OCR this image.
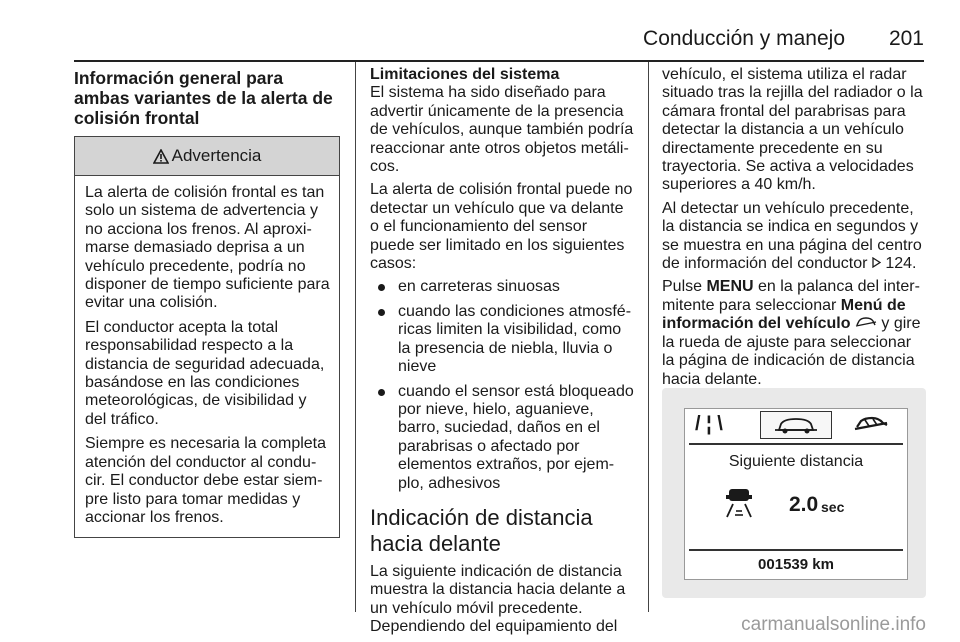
Conducción y manejo 201
Información general para ambas variantes de la alerta de colisión frontal
Advertencia

La alerta de colisión frontal es tan solo un sistema de advertencia y no acciona los frenos. Al aproxi-marse demasiado deprisa a un vehículo precedente, podría no disponer de tiempo suficiente para evitar una colisión.

El conductor acepta la total responsabilidad respecto a la distancia de seguridad adecuada, basándose en las condiciones meteorológicas, de visibilidad y del tráfico.

Siempre es necesaria la completa atención del conductor al condu-cir. El conductor debe estar siem-pre listo para tomar medidas y accionar los frenos.

Limitaciones del sistema

El sistema ha sido diseñado para advertir únicamente de la presencia de vehículos, aunque también podría reaccionar ante otros objetos metáli-cos.

La alerta de colisión frontal puede no detectar un vehículo que va delante o el funcionamiento del sensor puede ser limitado en los siguientes casos:

en carreteras sinuosas
cuando las condiciones atmosfé-ricas limiten la visibilidad, como la presencia de niebla, lluvia o nieve
cuando el sensor está bloqueado por nieve, hielo, aguanieve, barro, suciedad, daños en el parabrisas o afectado por elementos extraños, por ejem-plo, adhesivos
Indicación de distancia hacia delante

La siguiente indicación de distancia muestra la distancia hacia delante a un vehículo móvil precedente. Dependiendo del equipamiento del

vehículo, el sistema utiliza el radar situado tras la rejilla del radiador o la cámara frontal del parabrisas para detectar la distancia a un vehículo directamente precedente en su trayectoria. Se activa a velocidades superiores a 40 km/h.

Al detectar un vehículo precedente, la distancia se indica en segundos y se muestra en una página del centro de información del conductor  124.

Pulse MENU en la palanca del inter-mitente para seleccionar Menú de información del vehículo  y gire la rueda de ajuste para seleccionar la página de indicación de distancia hacia delante.

/ ¦ \
Siguiente distancia
2.0 sec
001539 km
carmanualsonline.info
